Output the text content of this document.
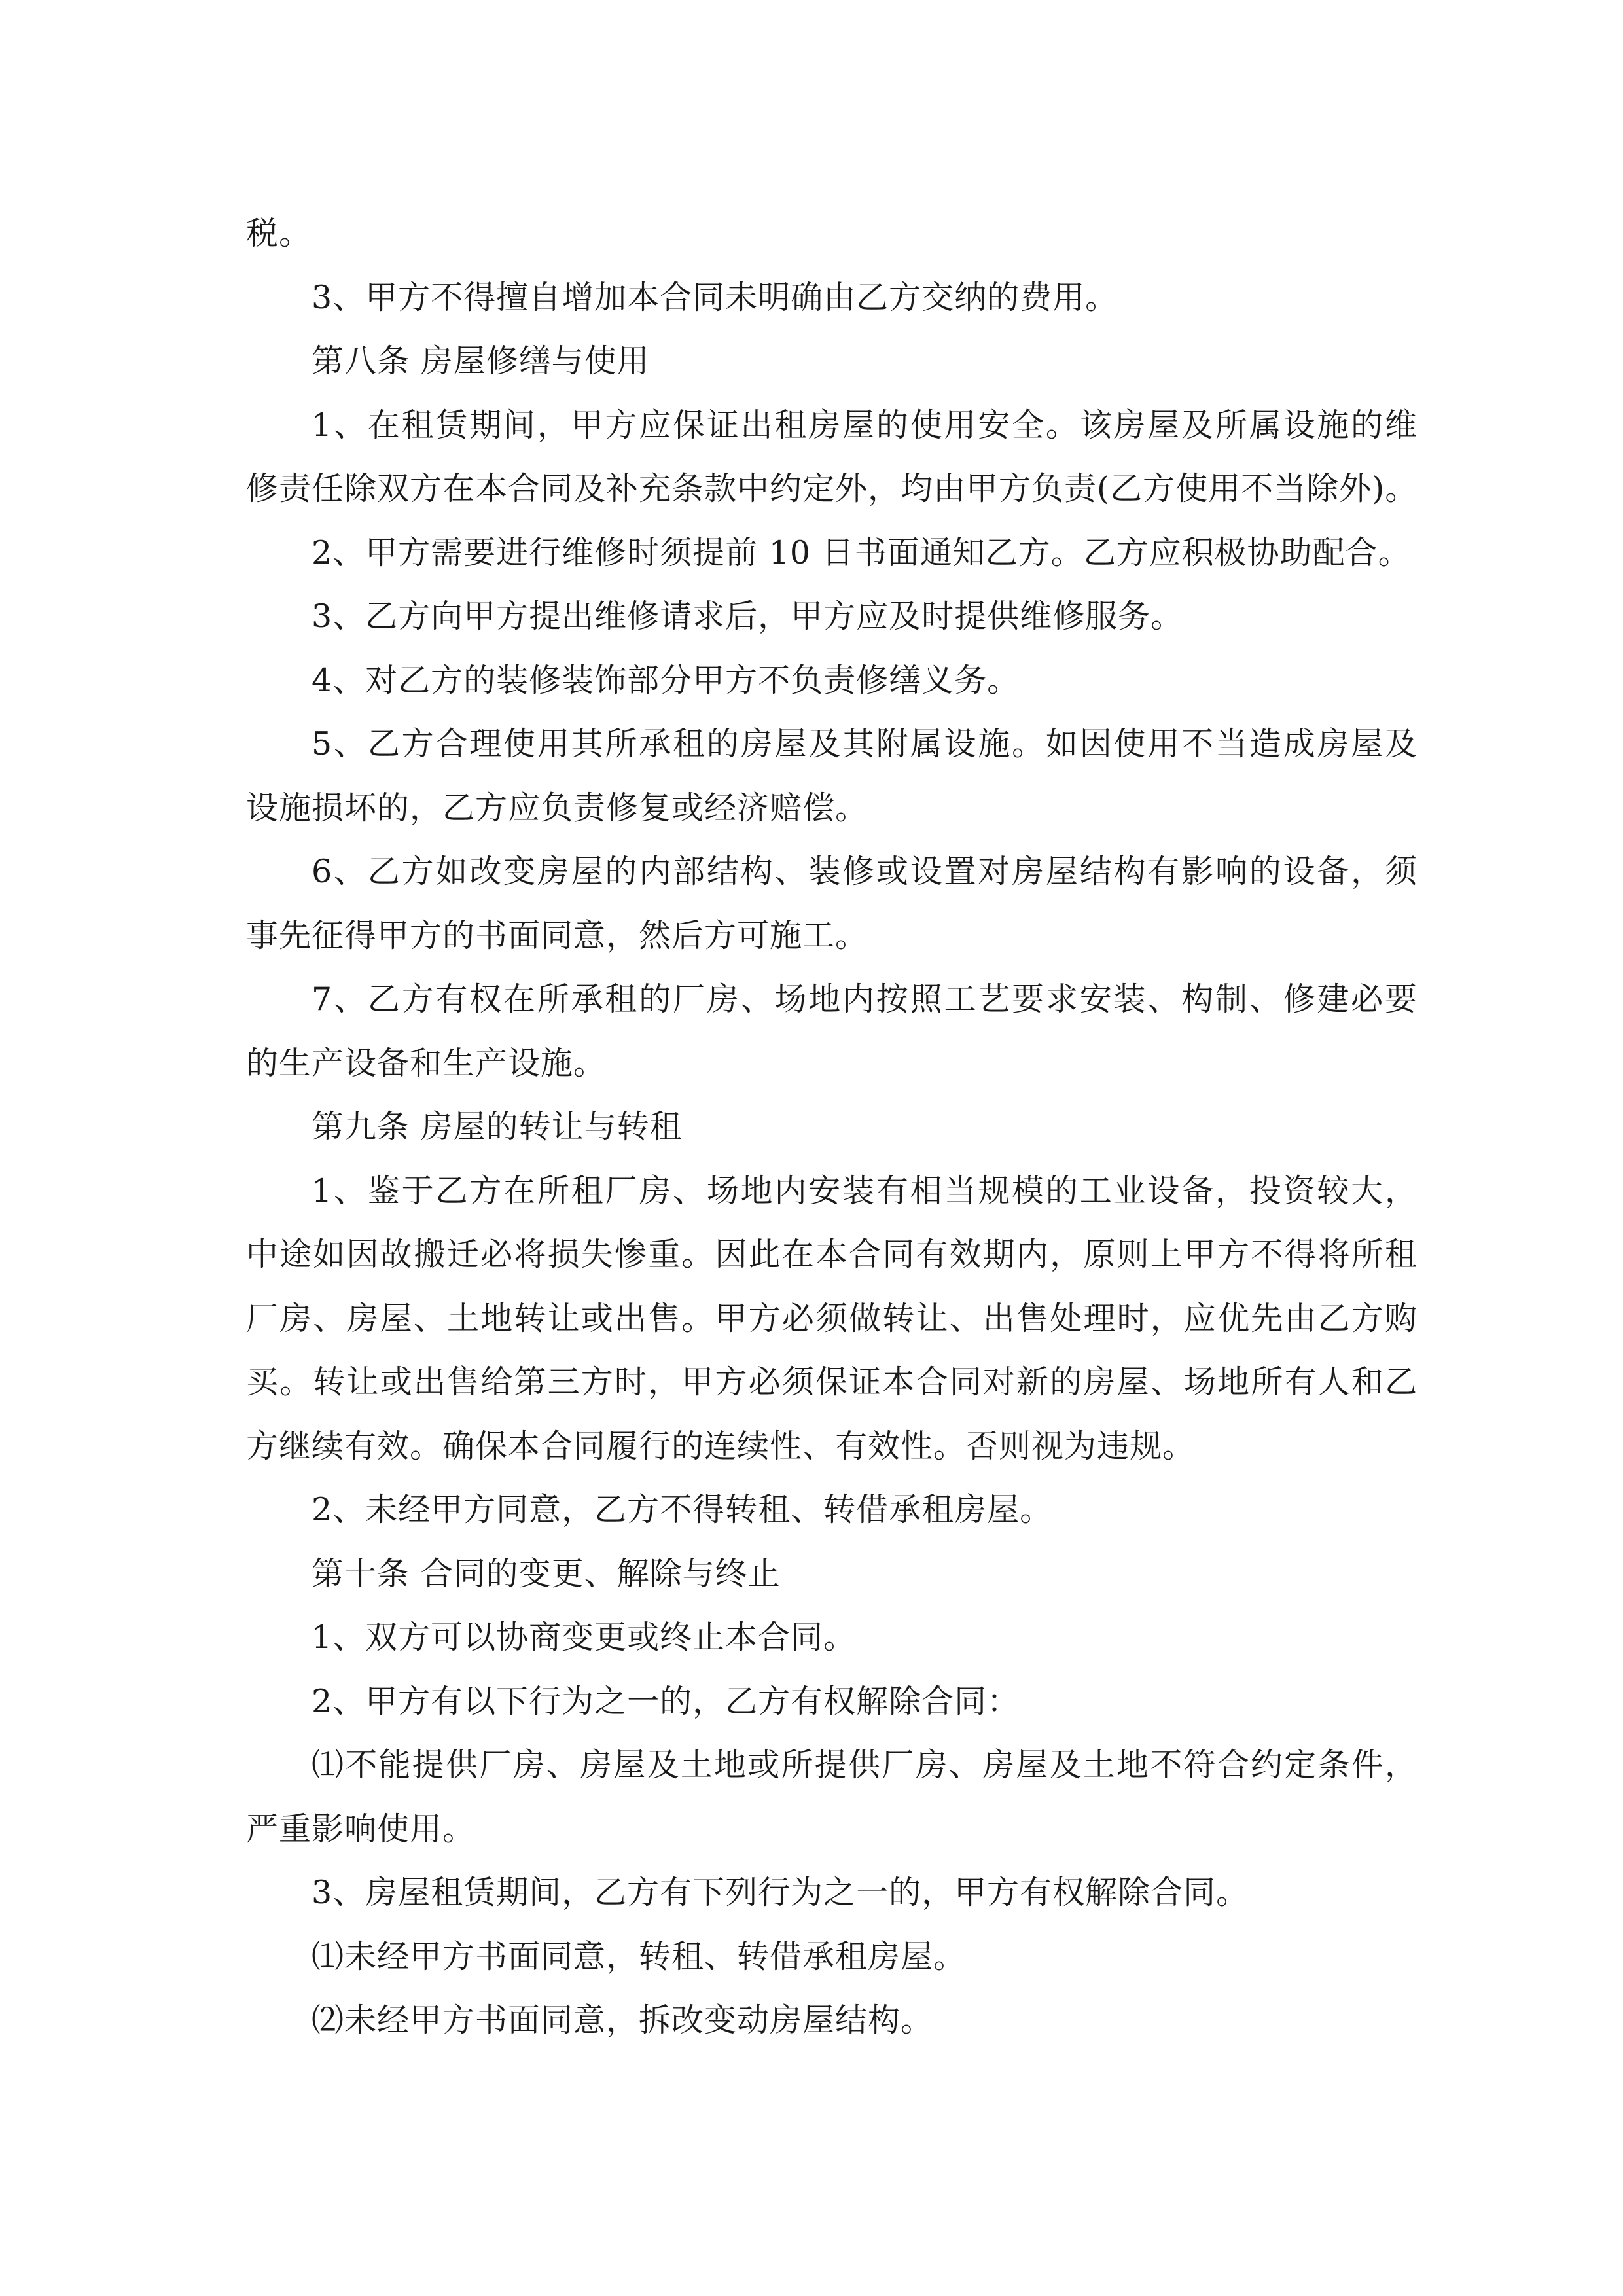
税。
3、甲方不得擅自增加本合同未明确由乙方交纳的费用。
第八条 房屋修缮与使用
1、在租赁期间，甲方应保证出租房屋的使用安全。该房屋及所属设施的维
修责任除双方在本合同及补充条款中约定外，均由甲方负责(乙方使用不当除外)。
2、甲方需要进行维修时须提前 10 日书面通知乙方。乙方应积极协助配合。
3、乙方向甲方提出维修请求后，甲方应及时提供维修服务。
4、对乙方的装修装饰部分甲方不负责修缮义务。
5、乙方合理使用其所承租的房屋及其附属设施。如因使用不当造成房屋及
设施损坏的，乙方应负责修复或经济赔偿。
6、乙方如改变房屋的内部结构、装修或设置对房屋结构有影响的设备，须
事先征得甲方的书面同意，然后方可施工。
7、乙方有权在所承租的厂房、场地内按照工艺要求安装、构制、修建必要
的生产设备和生产设施。
第九条 房屋的转让与转租
1、鉴于乙方在所租厂房、场地内安装有相当规模的工业设备，投资较大，
中途如因故搬迁必将损失惨重。因此在本合同有效期内，原则上甲方不得将所租
厂房、房屋、土地转让或出售。甲方必须做转让、出售处理时，应优先由乙方购
买。转让或出售给第三方时，甲方必须保证本合同对新的房屋、场地所有人和乙
方继续有效。确保本合同履行的连续性、有效性。否则视为违规。
2、未经甲方同意，乙方不得转租、转借承租房屋。
第十条 合同的变更、解除与终止
1、双方可以协商变更或终止本合同。
2、甲方有以下行为之一的，乙方有权解除合同：
⑴不能提供厂房、房屋及土地或所提供厂房、房屋及土地不符合约定条件，
严重影响使用。
3、房屋租赁期间，乙方有下列行为之一的，甲方有权解除合同。
⑴未经甲方书面同意，转租、转借承租房屋。
⑵未经甲方书面同意，拆改变动房屋结构。
